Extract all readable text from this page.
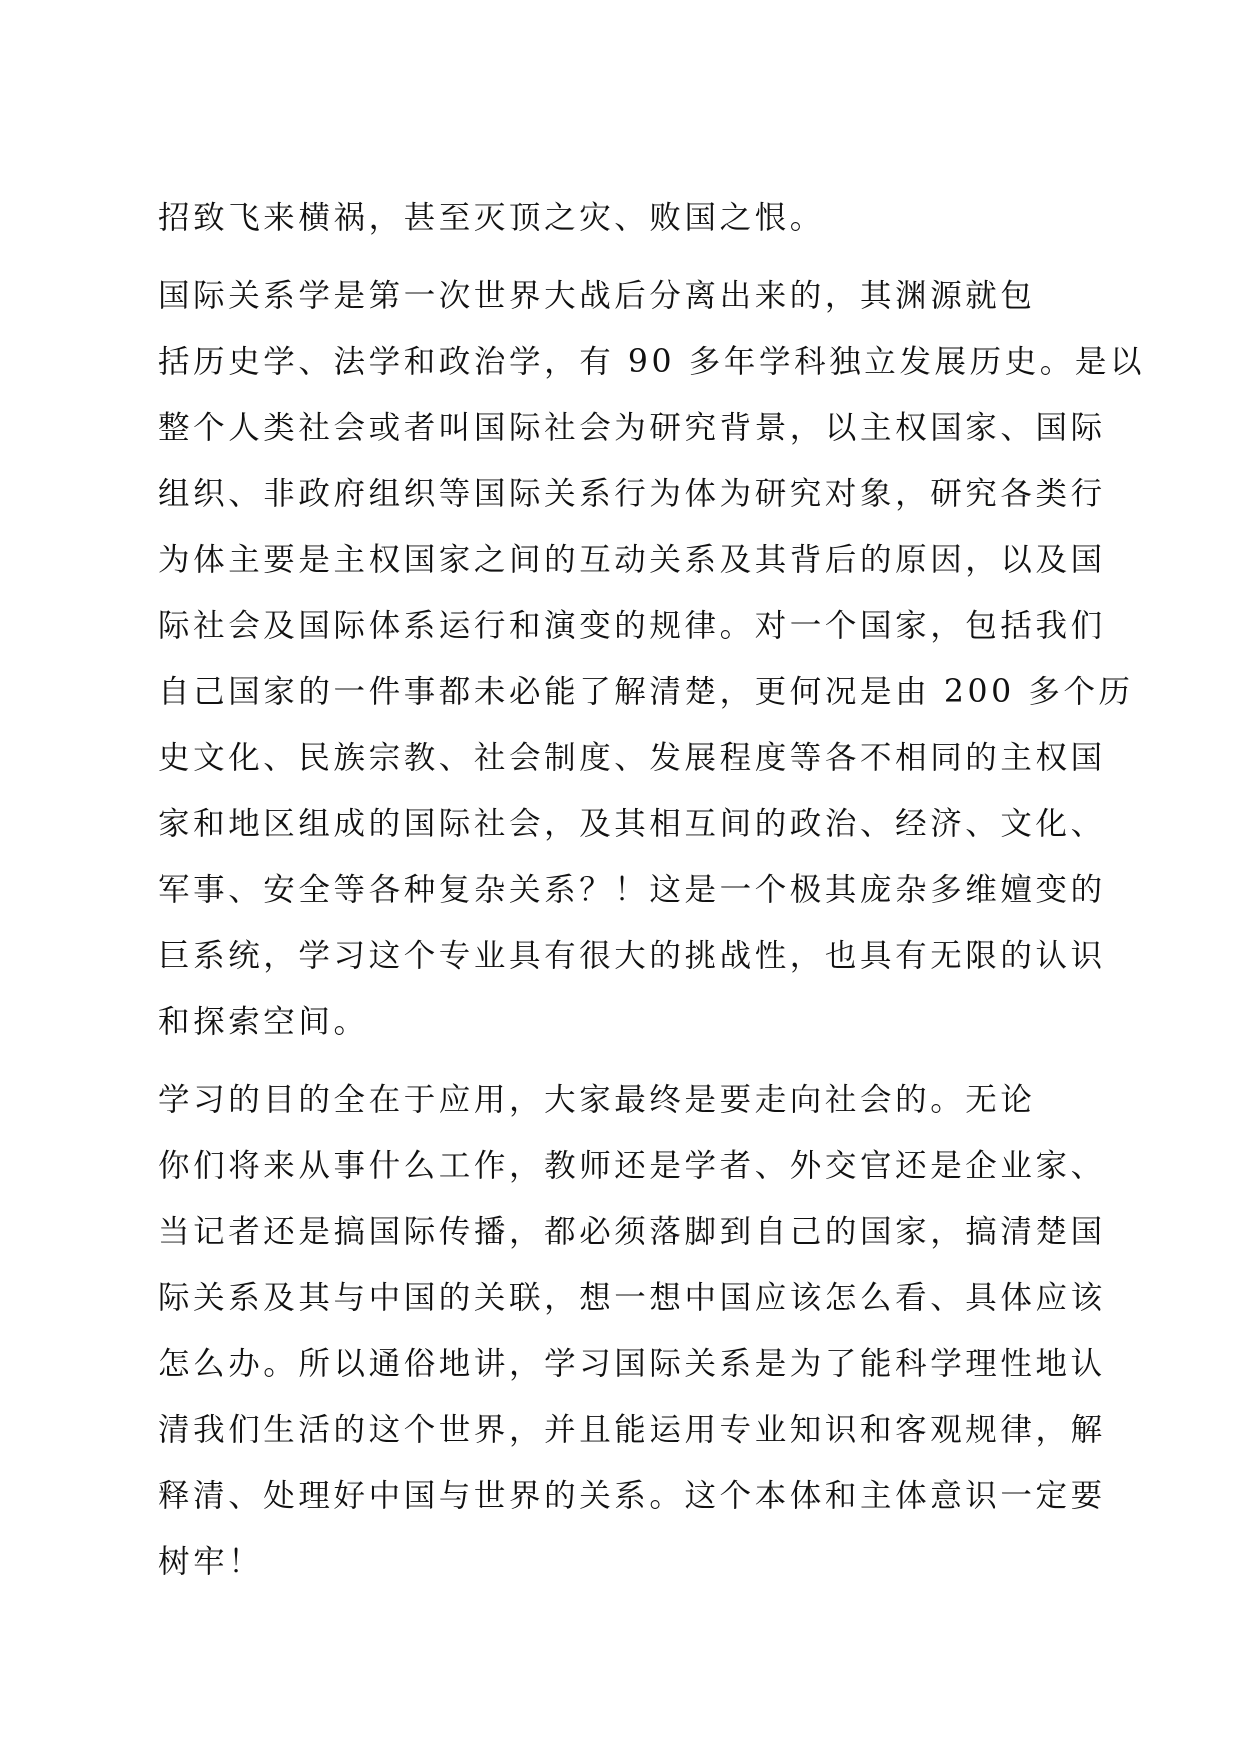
招致飞来横祸，甚至灭顶之灾、败国之恨。
国际关系学是第一次世界大战后分离出来的，其渊源就包
括历史学、法学和政治学，有 90 多年学科独立发展历史。是以
整个人类社会或者叫国际社会为研究背景，以主权国家、国际
组织、非政府组织等国际关系行为体为研究对象，研究各类行
为体主要是主权国家之间的互动关系及其背后的原因，以及国
际社会及国际体系运行和演变的规律。对一个国家，包括我们
自己国家的一件事都未必能了解清楚，更何况是由 200 多个历
史文化、民族宗教、社会制度、发展程度等各不相同的主权国
家和地区组成的国际社会，及其相互间的政治、经济、文化、
军事、安全等各种复杂关系？！这是一个极其庞杂多维嬗变的
巨系统，学习这个专业具有很大的挑战性，也具有无限的认识
和探索空间。
学习的目的全在于应用，大家最终是要走向社会的。无论
你们将来从事什么工作，教师还是学者、外交官还是企业家、
当记者还是搞国际传播，都必须落脚到自己的国家，搞清楚国
际关系及其与中国的关联，想一想中国应该怎么看、具体应该
怎么办。所以通俗地讲，学习国际关系是为了能科学理性地认
清我们生活的这个世界，并且能运用专业知识和客观规律，解
释清、处理好中国与世界的关系。这个本体和主体意识一定要
树牢！
